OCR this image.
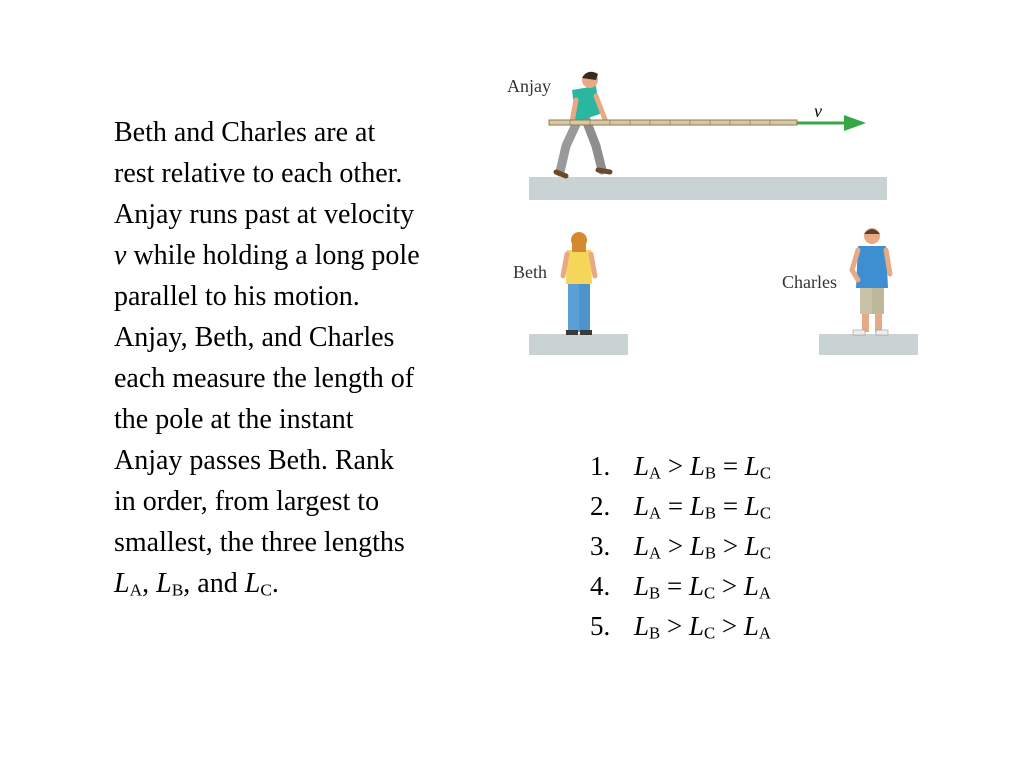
Beth and Charles are at
rest relative to each other.
Anjay runs past at velocity
v while holding a long pole
parallel to his motion.
Anjay, Beth, and Charles
each measure the length of
the pole at the instant
Anjay passes Beth. Rank
in order, from largest to
smallest, the three lengths
$L_A$, $L_B$, and $L_C$.
Anjay
Beth	Charles
v
1. $L_A > L_B = L_C$
2. $L_A = L_B = L_C$
3. $L_A > L_B > L_C$
4. $L_B = L_C > L_A$
5. $L_B > L_C > L_A$
